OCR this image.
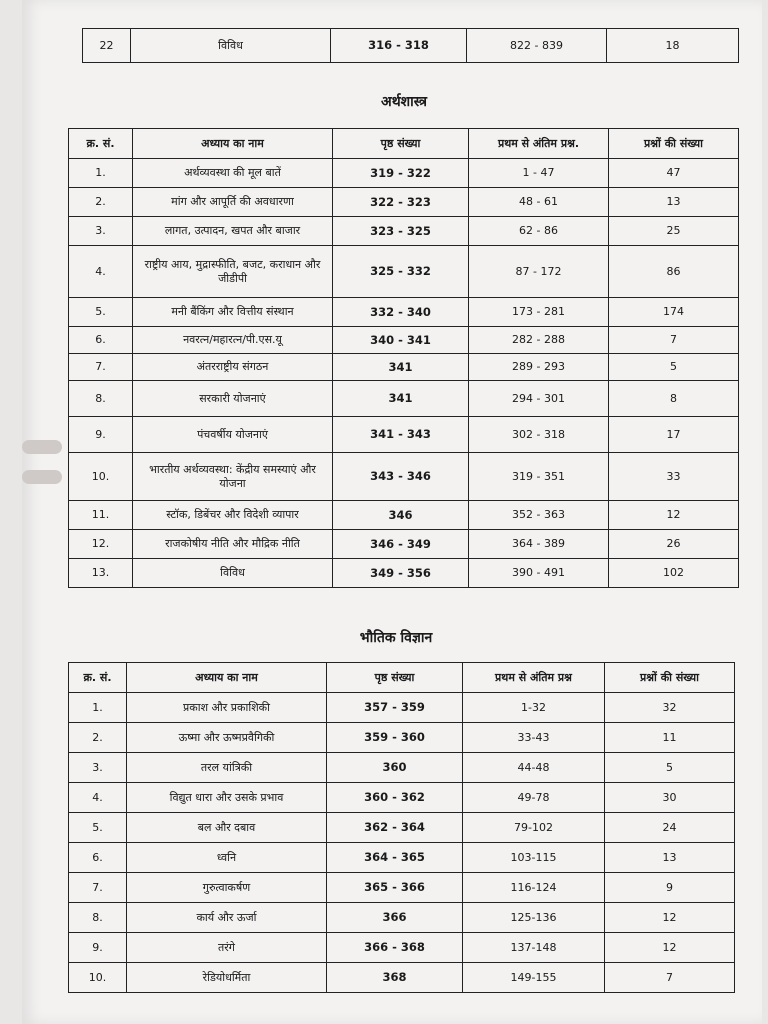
22	विविध	316 - 318	822 - 839	18
अर्थशास्त्र
क्र. सं.	अध्याय का नाम	पृष्ठ संख्या	प्रथम से अंतिम प्रश्न.	प्रश्नों की संख्या
1.	अर्थव्यवस्था की मूल बातें	319 - 322	1 - 47	47
2.	मांग और आपूर्ति की अवधारणा	322 - 323	48 - 61	13
3.	लागत, उत्पादन, खपत और बाजार	323 - 325	62 - 86	25
4.	राष्ट्रीय आय, मुद्रास्फीति, बजट, कराधान और जीडीपी	325 - 332	87 - 172	86
5.	मनी बैंकिंग और वित्तीय संस्थान	332 - 340	173 - 281	174
6.	नवरत्न/महारत्न/पी.एस.यू	340 - 341	282 - 288	7
7.	अंतरराष्ट्रीय संगठन	341	289 - 293	5
8.	सरकारी योजनाएं	341	294 - 301	8
9.	पंचवर्षीय योजनाएं	341 - 343	302 - 318	17
10.	भारतीय अर्थव्यवस्था: केंद्रीय समस्याएं और योजना	343 - 346	319 - 351	33
11.	स्टॉक, डिबेंचर और विदेशी व्यापार	346	352 - 363	12
12.	राजकोषीय नीति और मौद्रिक नीति	346 - 349	364 - 389	26
13.	विविध	349 - 356	390 - 491	102
भौतिक विज्ञान
क्र. सं.	अध्याय का नाम	पृष्ठ संख्या	प्रथम से अंतिम प्रश्न	प्रश्नों की संख्या
1.	प्रकाश और प्रकाशिकी	357 - 359	1-32	32
2.	ऊष्मा और ऊष्मप्रवैगिकी	359 - 360	33-43	11
3.	तरल यांत्रिकी	360	44-48	5
4.	विद्युत धारा और उसके प्रभाव	360 - 362	49-78	30
5.	बल और दबाव	362 - 364	79-102	24
6.	ध्वनि	364 - 365	103-115	13
7.	गुरुत्वाकर्षण	365 - 366	116-124	9
8.	कार्य और ऊर्जा	366	125-136	12
9.	तरंगे	366 - 368	137-148	12
10.	रेडियोधर्मिता	368	149-155	7
